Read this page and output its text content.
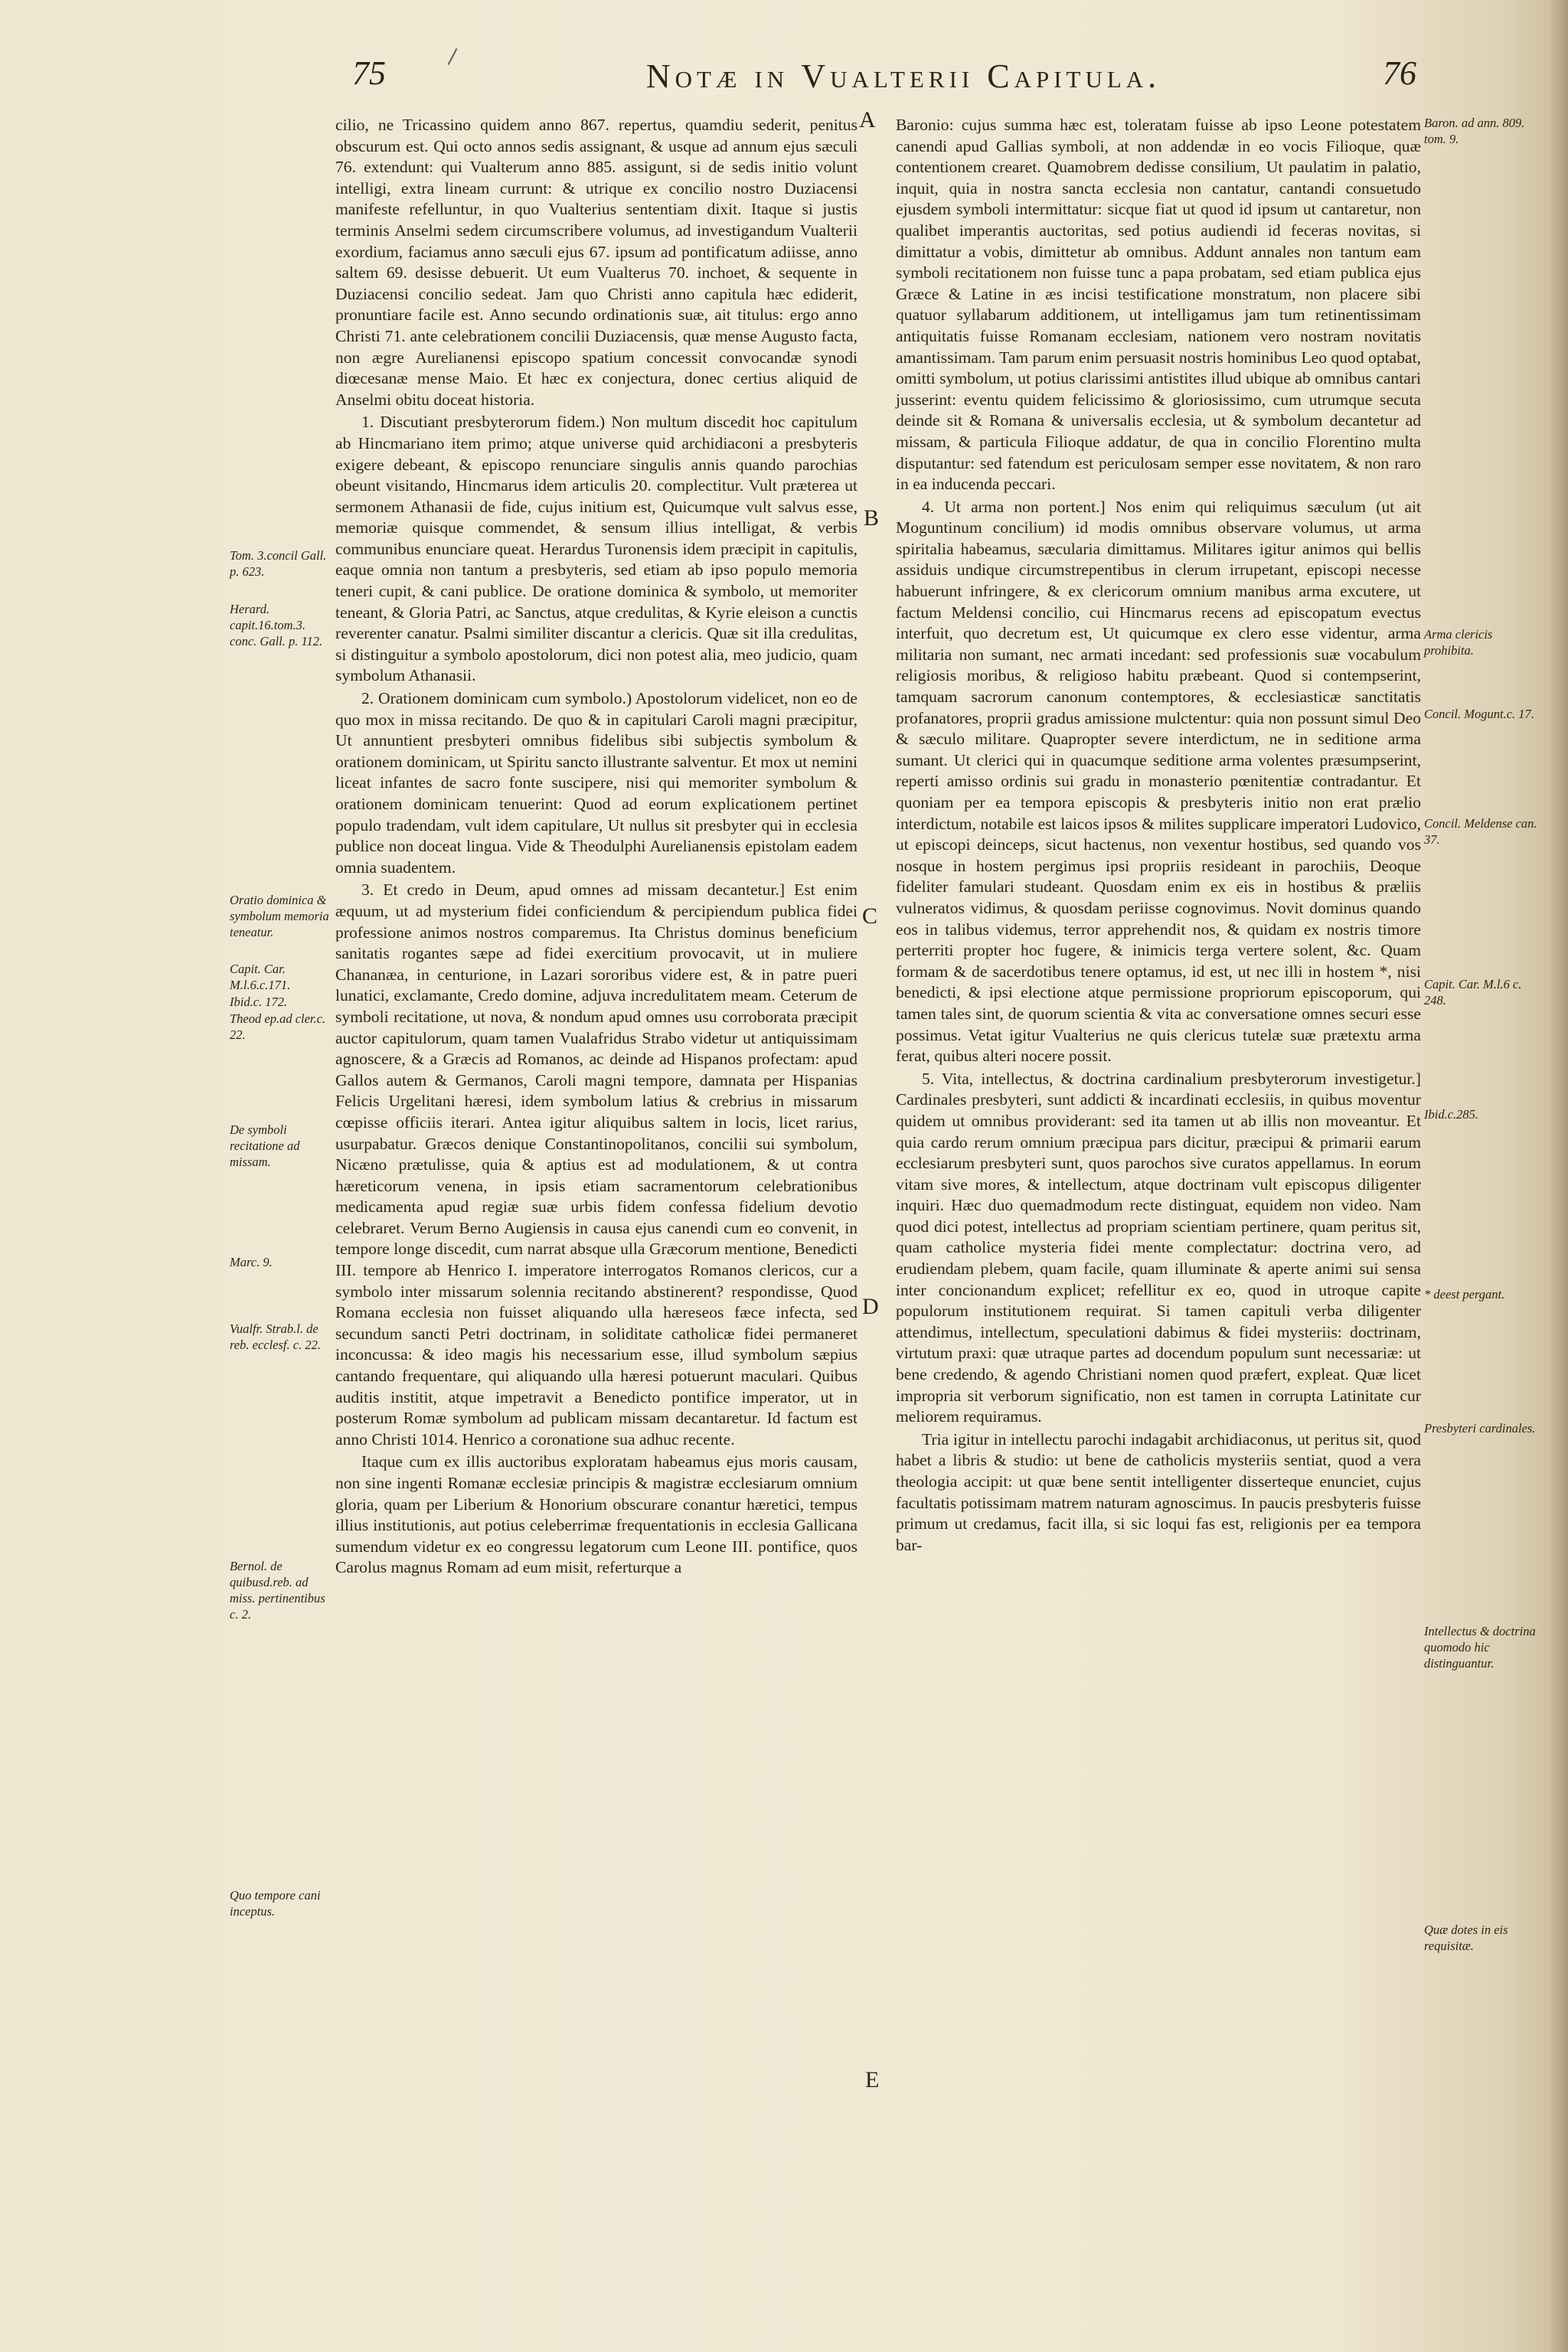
75	Notæ in Vualterii Capitula.	76

cilio, ne Tricassino quidem anno 867. repertus, quamdiu sederit, penitus obscurum est. Qui octo annos sedis assignant, & usque ad annum ejus sæculi 76. extendunt: qui Vualterum anno 885. assigunt, si de sedis initio volunt intelligi, extra lineam currunt: & utrique ex concilio nostro Duziacensi manifeste refelluntur, in quo Vualterius sententiam dixit. Itaque si justis terminis Anselmi sedem circumscribere volumus, ad investigandum Vualterii exordium, faciamus anno sæculi ejus 67. ipsum ad pontificatum adiisse, anno saltem 69. desisse debuerit. Ut eum Vualterus 70. inchoet, & sequente in Duziacensi concilio sedeat. Jam quo Christi anno capitula hæc ediderit, pronuntiare facile est. Anno secundo ordinationis suæ, ait titulus: ergo anno Christi 71. ante celebrationem concilii Duziacensis, quæ mense Augusto facta, non ægre Aurelianensi episcopo spatium concessit convocandæ synodi diœcesanæ mense Maio. Et hæc ex conjectura, donec certius aliquid de Anselmi obitu doceat historia.

1. Discutiant presbyterorum fidem.) Non multum discedit hoc capitulum ab Hincmariano item primo; atque universe quid archidiaconi a presbyteris exigere debeant, & episcopo renunciare singulis annis quando parochias obeunt visitando, Hincmarus idem articulis 20. complectitur. Vult præterea ut sermonem Athanasii de fide, cujus initium est, Quicumque vult salvus esse, memoriæ quisque commendet, & sensum illius intelligat, & verbis communibus enunciare queat. Herardus Turonensis idem præcipit in capitulis, eaque omnia non tantum a presbyteris, sed etiam ab ipso populo memoria teneri cupit, & cani publice. De oratione dominica & symbolo, ut memoriter teneant, & Gloria Patri, ac Sanctus, atque credulitas, & Kyrie eleison a cunctis reverenter canatur. Psalmi similiter discantur a clericis. Quæ sit illa credulitas, si distinguitur a symbolo apostolorum, dici non potest alia, meo judicio, quam symbolum Athanasii.

2. Orationem dominicam cum symbolo.) Apostolorum videlicet, non eo de quo mox in missa recitando. De quo & in capitulari Caroli magni præcipitur, Ut annuntient presbyteri omnibus fidelibus sibi subjectis symbolum & orationem dominicam, ut Spiritu sancto illustrante salventur. Et mox ut nemini liceat infantes de sacro fonte suscipere, nisi qui memoriter symbolum & orationem dominicam tenuerint: Quod ad eorum explicationem pertinet populo tradendam, vult idem capitulare, Ut nullus sit presbyter qui in ecclesia publice non doceat lingua. Vide & Theodulphi Aurelianensis epistolam eadem omnia suadentem.

3. Et credo in Deum, apud omnes ad missam decantetur.] Est enim æquum, ut ad mysterium fidei conficiendum & percipiendum publica fidei professione animos nostros comparemus. Ita Christus dominus beneficium sanitatis rogantes sæpe ad fidei exercitium provocavit, ut in muliere Chananæa, in centurione, in Lazari sororibus videre est, & in patre pueri lunatici, exclamante, Credo domine, adjuva incredulitatem meam. Ceterum de symboli recitatione, ut nova, & nondum apud omnes usu corroborata præcipit auctor capitulorum, quam tamen Vualafridus Strabo videtur ut antiquissimam agnoscere, & a Græcis ad Romanos, ac deinde ad Hispanos profectam: apud Gallos autem & Germanos, Caroli magni tempore, damnata per Hispanias Felicis Urgelitani hæresi, idem symbolum latius & crebrius in missarum cœpisse officiis iterari. Antea igitur aliquibus saltem in locis, licet rarius, usurpabatur. Græcos denique Constantinopolitanos, concilii sui symbolum, Nicæno prætulisse, quia & aptius est ad modulationem, & ut contra hæreticorum venena, in ipsis etiam sacramentorum celebrationibus medicamenta apud regiæ suæ urbis fidem confessa fidelium devotio celebraret. Verum Berno Augiensis in causa ejus canendi cum eo convenit, in tempore longe discedit, cum narrat absque ulla Græcorum mentione, Benedicti III. tempore ab Henrico I. imperatore interrogatos Romanos clericos, cur a symbolo inter missarum solennia recitando abstinerent? respondisse, Quod Romana ecclesia non fuisset aliquando ulla hæreseos fæce infecta, sed secundum sancti Petri doctrinam, in soliditate catholicæ fidei permaneret inconcussa: & ideo magis his necessarium esse, illud symbolum sæpius cantando frequentare, qui aliquando ulla hæresi potuerunt maculari. Quibus auditis institit, atque impetravit a Benedicto pontifice imperator, ut in posterum Romæ symbolum ad publicam missam decantaretur. Id factum est anno Christi 1014. Henrico a coronatione sua adhuc recente.

Itaque cum ex illis auctoribus exploratam habeamus ejus moris causam, non sine ingenti Romanæ ecclesiæ principis & magistræ ecclesiarum omnium gloria, quam per Liberium & Honorium obscurare conantur hæretici, tempus illius institutionis, aut potius celeberrimæ frequentationis in ecclesia Gallicana sumendum videtur ex eo congressu legatorum cum Leone III. pontifice, quos Carolus magnus Romam ad eum misit, referturque a

Baronio: cujus summa hæc est, toleratam fuisse ab ipso Leone potestatem canendi apud Gallias symboli, at non addendæ in eo vocis Filioque, quæ contentionem crearet. Quamobrem dedisse consilium, Ut paulatim in palatio, inquit, quia in nostra sancta ecclesia non cantatur, cantandi consuetudo ejusdem symboli intermittatur: sicque fiat ut quod id ipsum ut cantaretur, non qualibet imperantis auctoritas, sed potius audiendi id feceras novitas, si dimittatur a vobis, dimittetur ab omnibus. Addunt annales non tantum eam symboli recitationem non fuisse tunc a papa probatam, sed etiam publica ejus Græce & Latine in æs incisi testificatione monstratum, non placere sibi quatuor syllabarum additionem, ut intelligamus jam tum retinentissimam antiquitatis fuisse Romanam ecclesiam, nationem vero nostram novitatis amantissimam. Tam parum enim persuasit nostris hominibus Leo quod optabat, omitti symbolum, ut potius clarissimi antistites illud ubique ab omnibus cantari jusserint: eventu quidem felicissimo & gloriosissimo, cum utrumque secuta deinde sit & Romana & universalis ecclesia, ut & symbolum decantetur ad missam, & particula Filioque addatur, de qua in concilio Florentino multa disputantur: sed fatendum est periculosam semper esse novitatem, & non raro in ea inducenda peccari.

4. Ut arma non portent.] Nos enim qui reliquimus sæculum (ut ait Moguntinum concilium) id modis omnibus observare volumus, ut arma spiritalia habeamus, sæcularia dimittamus. Militares igitur animos qui bellis assiduis undique circumstrepentibus in clerum irrupetant, episcopi necesse habuerunt infringere, & ex clericorum omnium manibus arma excutere, ut factum Meldensi concilio, cui Hincmarus recens ad episcopatum evectus interfuit, quo decretum est, Ut quicumque ex clero esse videntur, arma militaria non sumant, nec armati incedant: sed professionis suæ vocabulum religiosis moribus, & religioso habitu præbeant. Quod si contempserint, tamquam sacrorum canonum contemptores, & ecclesiasticæ sanctitatis profanatores, proprii gradus amissione mulctentur: quia non possunt simul Deo & sæculo militare. Quapropter severe interdictum, ne in seditione arma sumant. Ut clerici qui in quacumque seditione arma volentes præsumpserint, reperti amisso ordinis sui gradu in monasterio pœnitentiæ contradantur. Et quoniam per ea tempora episcopis & presbyteris initio non erat prælio interdictum, notabile est laicos ipsos & milites supplicare imperatori Ludovico, ut episcopi deinceps, sicut hactenus, non vexentur hostibus, sed quando vos nosque in hostem pergimus ipsi propriis resideant in parochiis, Deoque fideliter famulari studeant. Quosdam enim ex eis in hostibus & præliis vulneratos vidimus, & quosdam periisse cognovimus. Novit dominus quando eos in talibus videmus, terror apprehendit nos, & quidam ex nostris timore perterriti propter hoc fugere, & inimicis terga vertere solent, &c. Quam formam & de sacerdotibus tenere optamus, id est, ut nec illi in hostem *, nisi benedicti, & ipsi electione atque permissione propriorum episcoporum, qui tamen tales sint, de quorum scientia & vita ac conversatione omnes securi esse possimus. Vetat igitur Vualterius ne quis clericus tutelæ suæ prætextu arma ferat, quibus alteri nocere possit.

5. Vita, intellectus, & doctrina cardinalium presbyterorum investigetur.] Cardinales presbyteri, sunt addicti & incardinati ecclesiis, in quibus moventur quidem ut omnibus providerant: sed ita tamen ut ab illis non moveantur. Et quia cardo rerum omnium præcipua pars dicitur, præcipui & primarii earum ecclesiarum presbyteri sunt, quos parochos sive curatos appellamus. In eorum vitam sive mores, & intellectum, atque doctrinam vult episcopus diligenter inquiri. Hæc duo quemadmodum recte distinguat, equidem non video. Nam quod dici potest, intellectus ad propriam scientiam pertinere, quam peritus sit, quam catholice mysteria fidei mente complectatur: doctrina vero, ad erudiendam plebem, quam facile, quam illuminate & aperte animi sui sensa inter concionandum explicet; refellitur ex eo, quod in utroque capite populorum institutionem requirat. Si tamen capituli verba diligenter attendimus, intellectum, speculationi dabimus & fidei mysteriis: doctrinam, virtutum praxi: quæ utraque partes ad docendum populum sunt necessariæ: ut bene credendo, & agendo Christiani nomen quod præfert, expleat. Quæ licet impropria sit verborum significatio, non est tamen in corrupta Latinitate cur meliorem requiramus.

Tria igitur in intellectu parochi indagabit archidiaconus, ut peritus sit, quod habet a libris & studio: ut bene de catholicis mysteriis sentiat, quod a vera theologia accipit: ut quæ bene sentit intelligenter disserteque enunciet, cujus facultatis potissimam matrem naturam agnoscimus. In paucis presbyteris fuisse primum ut credamus, facit illa, si sic loqui fas est, religionis per ea tempora bar-

A
B
C
D
E
Tom. 3.concil Gall. p. 623.
Herard. capit.16.tom.3. conc. Gall. p. 112.
Oratio dominica & symbolum memoria teneatur.
Capit. Car. M.l.6.c.171.
Ibid.c. 172.
Theod ep.ad cler.c. 22.
De symboli recitatione ad missam.
Marc. 9.
Vualfr. Strab.l. de reb. ecclesf. c. 22.
Bernol. de quibusd.reb. ad miss. pertinentibus c. 2.
Quo tempore cani inceptus.
Baron. ad ann. 809. tom. 9.
Arma clericis prohibita.
Concil. Mogunt.c. 17.
Concil. Meldense can. 37.
Capit. Car. M.l.6 c. 248.
Ibid.c.285.
* deest pergant.
Presbyteri cardinales.
Intellectus & doctrina quomodo hic distinguantur.
Quæ dotes in eis requisitæ.
